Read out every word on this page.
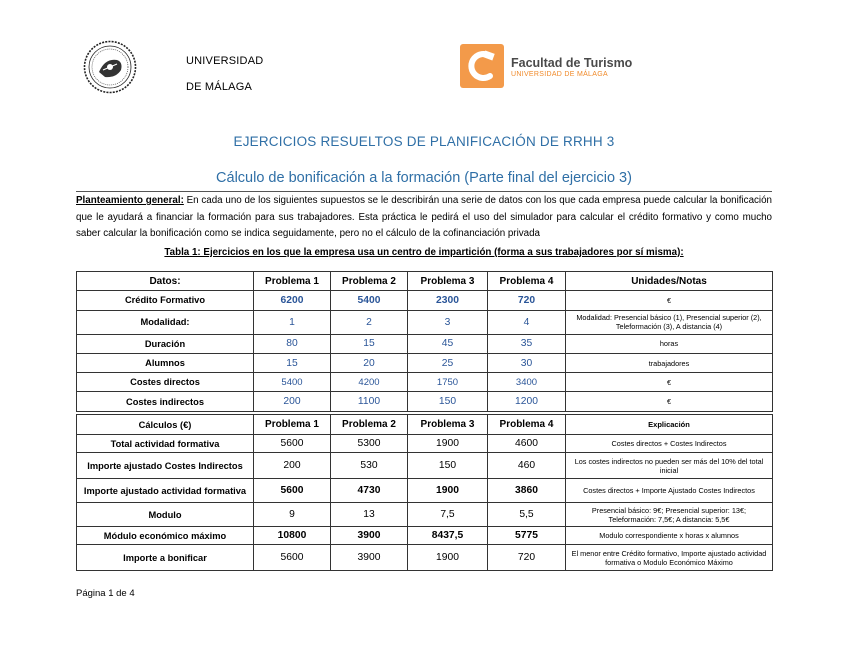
UNIVERSIDAD
DE MÁLAGA
Facultad de Turismo
UNIVERSIDAD DE MÁLAGA
EJERCICIOS RESUELTOS DE PLANIFICACIÓN DE RRHH 3
Cálculo de bonificación a la formación (Parte final del ejercicio 3)
Planteamiento general: En cada uno de los siguientes supuestos se le describirán una serie de datos con los que cada empresa puede calcular la bonificación que le ayudará a financiar la formación para sus trabajadores. Esta práctica le pedirá el uso del simulador para calcular el crédito formativo y como mucho saber calcular la bonificación como se indica seguidamente, pero no el cálculo de la cofinanciación privada
Tabla 1: Ejercicios en los que la empresa usa un centro de impartición (forma a sus trabajadores por sí misma):
Datos:	Problema 1	Problema 2	Problema 3	Problema 4	Unidades/Notas
Crédito Formativo	6200	5400	2300	720	€
Modalidad:	1	2	3	4	Modalidad: Presencial básico (1), Presencial superior (2), Teleformación (3), A distancia (4)
Duración	80	15	45	35	horas
Alumnos	15	20	25	30	trabajadores
Costes directos	5400	4200	1750	3400	€
Costes indirectos	200	1100	150	1200	€
Cálculos (€)	Problema 1	Problema 2	Problema 3	Problema 4	Explicación
Total actividad formativa	5600	5300	1900	4600	Costes directos + Costes Indirectos
Importe ajustado Costes Indirectos	200	530	150	460	Los costes indirectos no pueden ser más del 10% del total inicial
Importe ajustado actividad formativa	5600	4730	1900	3860	Costes directos + Importe Ajustado Costes Indirectos
Modulo	9	13	7,5	5,5	Presencial básico: 9€; Presencial superior: 13€; Teleformación: 7,5€; A distancia: 5,5€
Módulo económico máximo	10800	3900	8437,5	5775	Modulo correspondiente x horas x alumnos
Importe a bonificar	5600	3900	1900	720	El menor entre Crédito formativo, Importe ajustado actividad formativa o Modulo Económico Máximo
Página 1 de 4
